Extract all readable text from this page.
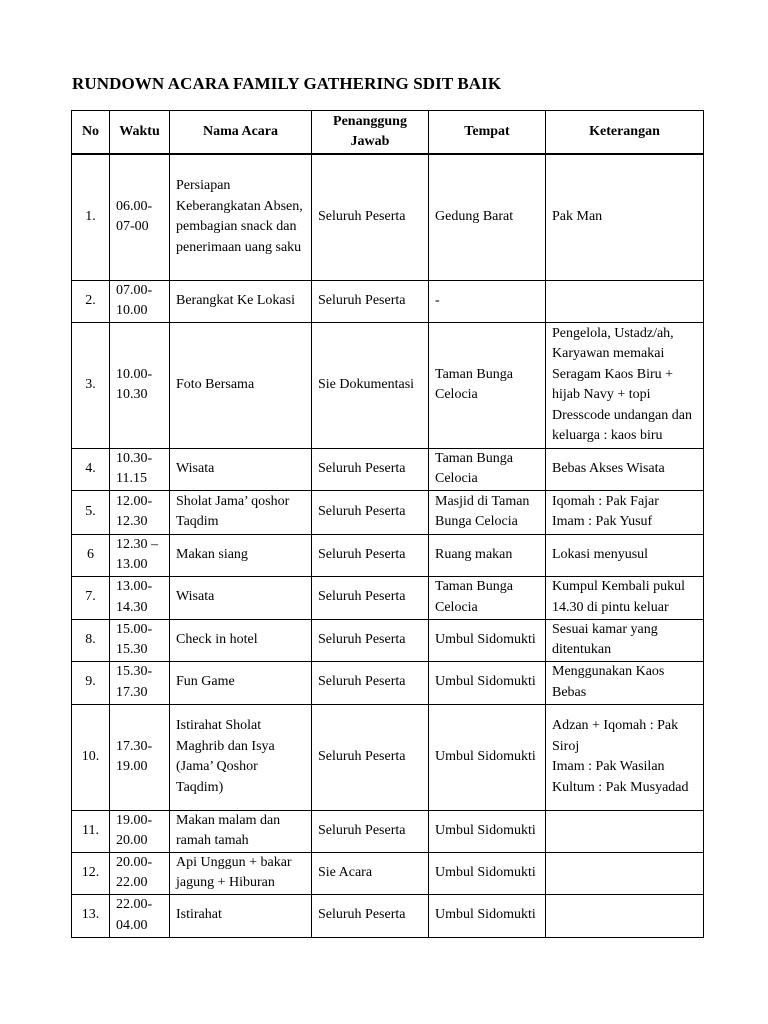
RUNDOWN ACARA FAMILY GATHERING SDIT BAIK
No	Waktu	Nama Acara	Penanggung Jawab	Tempat	Keterangan
1.	06.00-07-00	Persiapan Keberangkatan Absen, pembagian snack dan penerimaan uang saku	Seluruh Peserta	Gedung Barat	Pak Man

2.	07.00-10.00	Berangkat Ke Lokasi	Seluruh Peserta	-	
3.	10.00-10.30	Foto Bersama	Sie Dokumentasi	Taman Bunga Celocia	Pengelola, Ustadz/ah, Karyawan memakai Seragam Kaos Biru + hijab Navy + topi
Dresscode undangan dan keluarga : kaos biru

4.	10.30-11.15	Wisata	Seluruh Peserta	Taman Bunga Celocia	Bebas Akses Wisata

5.	12.00-12.30	Sholat Jama’ qoshor Taqdim	Seluruh Peserta	Masjid di Taman Bunga Celocia	Iqomah : Pak Fajar
Imam : Pak Yusuf

6	12.30 – 13.00	Makan siang	Seluruh Peserta	Ruang makan	Lokasi menyusul

7.	13.00-14.30	Wisata	Seluruh Peserta	Taman Bunga Celocia	Kumpul Kembali pukul 14.30 di pintu keluar

8.	15.00-15.30	Check in hotel	Seluruh Peserta	Umbul Sidomukti	Sesuai kamar yang ditentukan

9.	15.30-17.30	Fun Game	Seluruh Peserta	Umbul Sidomukti	Menggunakan Kaos Bebas

10.	17.30-19.00	Istirahat Sholat Maghrib dan Isya (Jama’ Qoshor Taqdim)	Seluruh Peserta	Umbul Sidomukti	Adzan + Iqomah : Pak Siroj
Imam : Pak Wasilan
Kultum : Pak Musyadad

11.	19.00-20.00	Makan malam dan ramah tamah	Seluruh Peserta	Umbul Sidomukti	
12.	20.00-22.00	Api Unggun + bakar jagung + Hiburan	Sie Acara	Umbul Sidomukti	
13.	22.00-04.00	Istirahat	Seluruh Peserta	Umbul Sidomukti	
